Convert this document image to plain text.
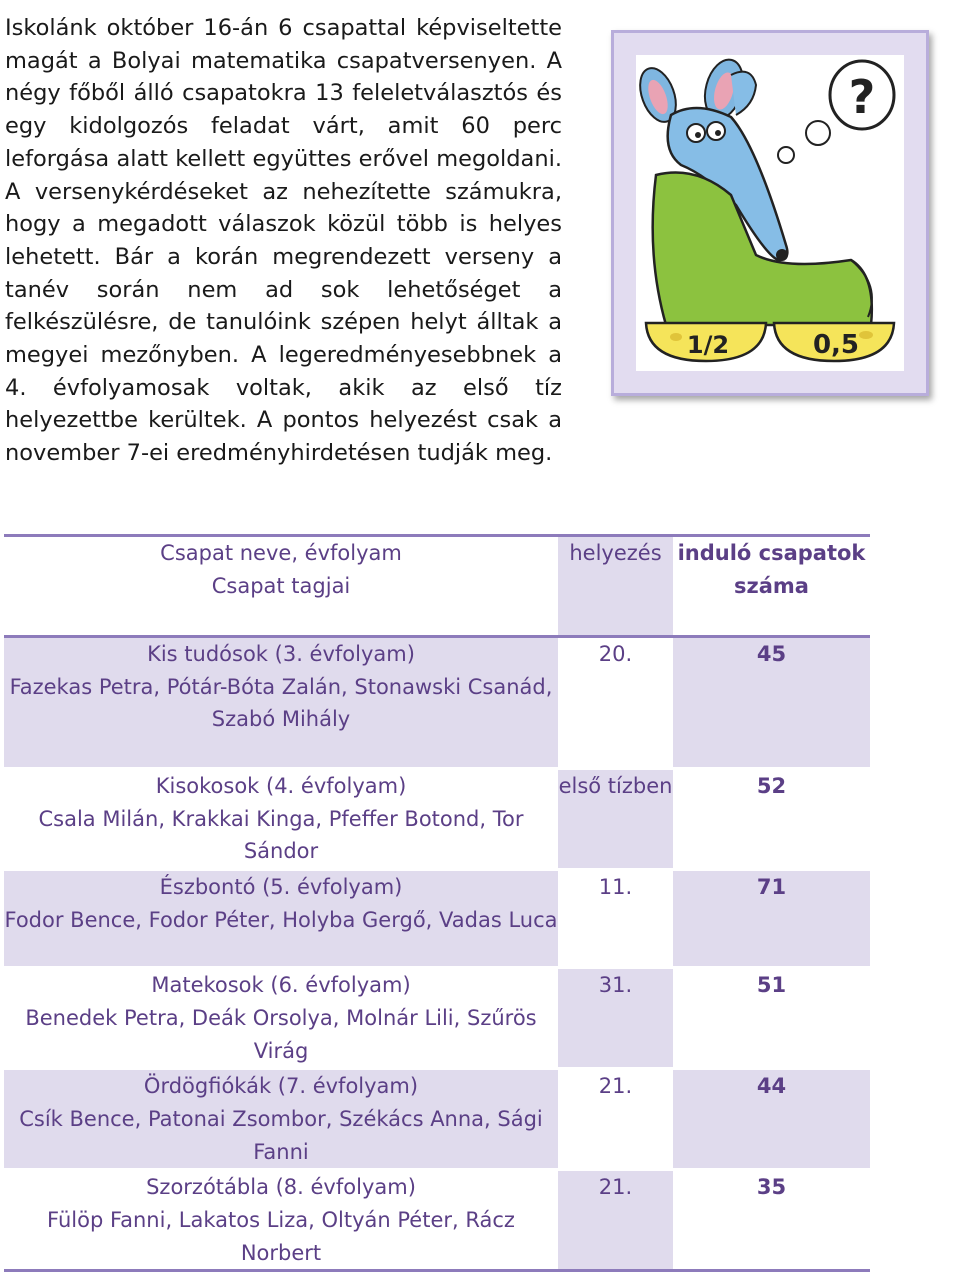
Iskolánk október 16-án 6 csapattal képviseltette magát a Bolyai matematika csapatversenyen. A négy főből álló csapatokra 13 feleletválasztós és egy kidolgozós feladat várt, amit 60 perc leforgása alatt kellett együttes erővel megoldani. A versenykérdéseket az nehezítette számukra, hogy a megadott válaszok közül több is helyes lehetett. Bár a korán megrendezett verseny a tanév során nem ad sok lehetőséget a felkészülésre, de tanulóink szépen helyt álltak a megyei mezőnyben. A legeredményesebbnek a 4. évfolyamosak voltak, akik az első tíz helyezettbe kerültek. A pontos helyezést csak a november 7-ei eredményhirdetésen tudják meg.

?
1/2	0,5
Csapat neve, évfolyam
Csapat tagjai	helyezés	induló csapatok száma

Kis tudósok (3. évfolyam)
Fazekas Petra, Pótár-Bóta Zalán, Stonawski Csanád, Szabó Mihály	20.	45

Kisokosok (4. évfolyam)
Csala Milán, Krakkai Kinga, Pfeffer Botond, Tor Sándor	első tízben	52

Észbontó (5. évfolyam)
Fodor Bence, Fodor Péter, Holyba Gergő, Vadas Luca	11.	71

Matekosok (6. évfolyam)
Benedek Petra, Deák Orsolya, Molnár Lili, Szűrös Virág	31.	51

Ördögfiókák (7. évfolyam)
Csík Bence, Patonai Zsombor, Székács Anna, Sági Fanni	21.	44

Szorzótábla (8. évfolyam)
Fülöp Fanni, Lakatos Liza, Oltyán Péter, Rácz Norbert	21.	35
